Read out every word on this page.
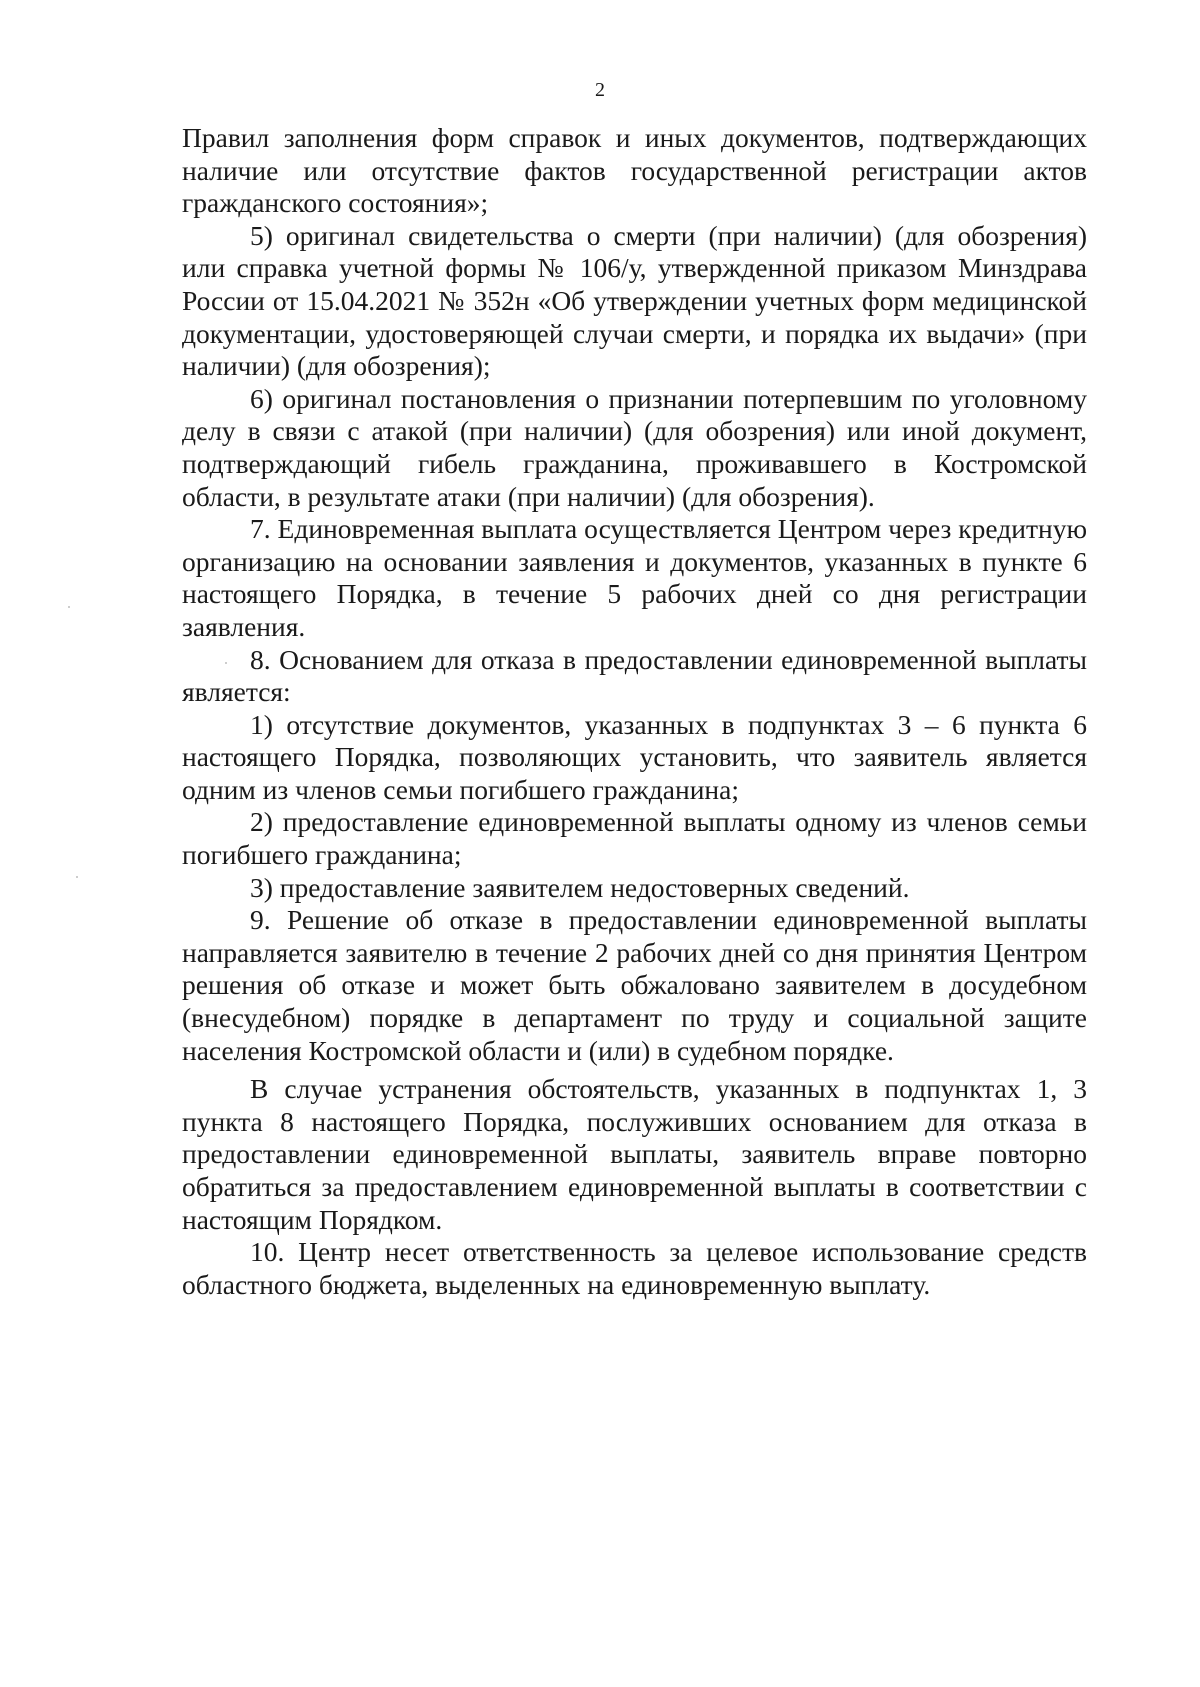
2

Правил заполнения форм справок и иных документов, подтверждающих наличие или отсутствие фактов государственной регистрации актов гражданского состояния»;

5) оригинал свидетельства о смерти (при наличии) (для обозрения) или справка учетной формы № 106/у, утвержденной приказом Минздрава России от 15.04.2021 № 352н «Об утверждении учетных форм медицинской документации, удостоверяющей случаи смерти, и порядка их выдачи» (при наличии) (для обозрения);

6) оригинал постановления о признании потерпевшим по уголовному делу в связи с атакой (при наличии) (для обозрения) или иной документ, подтверждающий гибель гражданина, проживавшего в Костромской области, в результате атаки (при наличии) (для обозрения).

7. Единовременная выплата осуществляется Центром через кредитную организацию на основании заявления и документов, указанных в пункте 6 настоящего Порядка, в течение 5 рабочих дней со дня регистрации заявления.

8. Основанием для отказа в предоставлении единовременной выплаты является:

1) отсутствие документов, указанных в подпунктах 3 – 6 пункта 6 настоящего Порядка, позволяющих установить, что заявитель является одним из членов семьи погибшего гражданина;

2) предоставление единовременной выплаты одному из членов семьи погибшего гражданина;

3) предоставление заявителем недостоверных сведений.

9. Решение об отказе в предоставлении единовременной выплаты направляется заявителю в течение 2 рабочих дней со дня принятия Центром решения об отказе и может быть обжаловано заявителем в досудебном (внесудебном) порядке в департамент по труду и социальной защите населения Костромской области и (или) в судебном порядке.

В случае устранения обстоятельств, указанных в подпунктах 1, 3 пункта 8 настоящего Порядка, послуживших основанием для отказа в предоставлении единовременной выплаты, заявитель вправе повторно обратиться за предоставлением единовременной выплаты в соответствии с настоящим Порядком.

10. Центр несет ответственность за целевое использование средств областного бюджета, выделенных на единовременную выплату.
